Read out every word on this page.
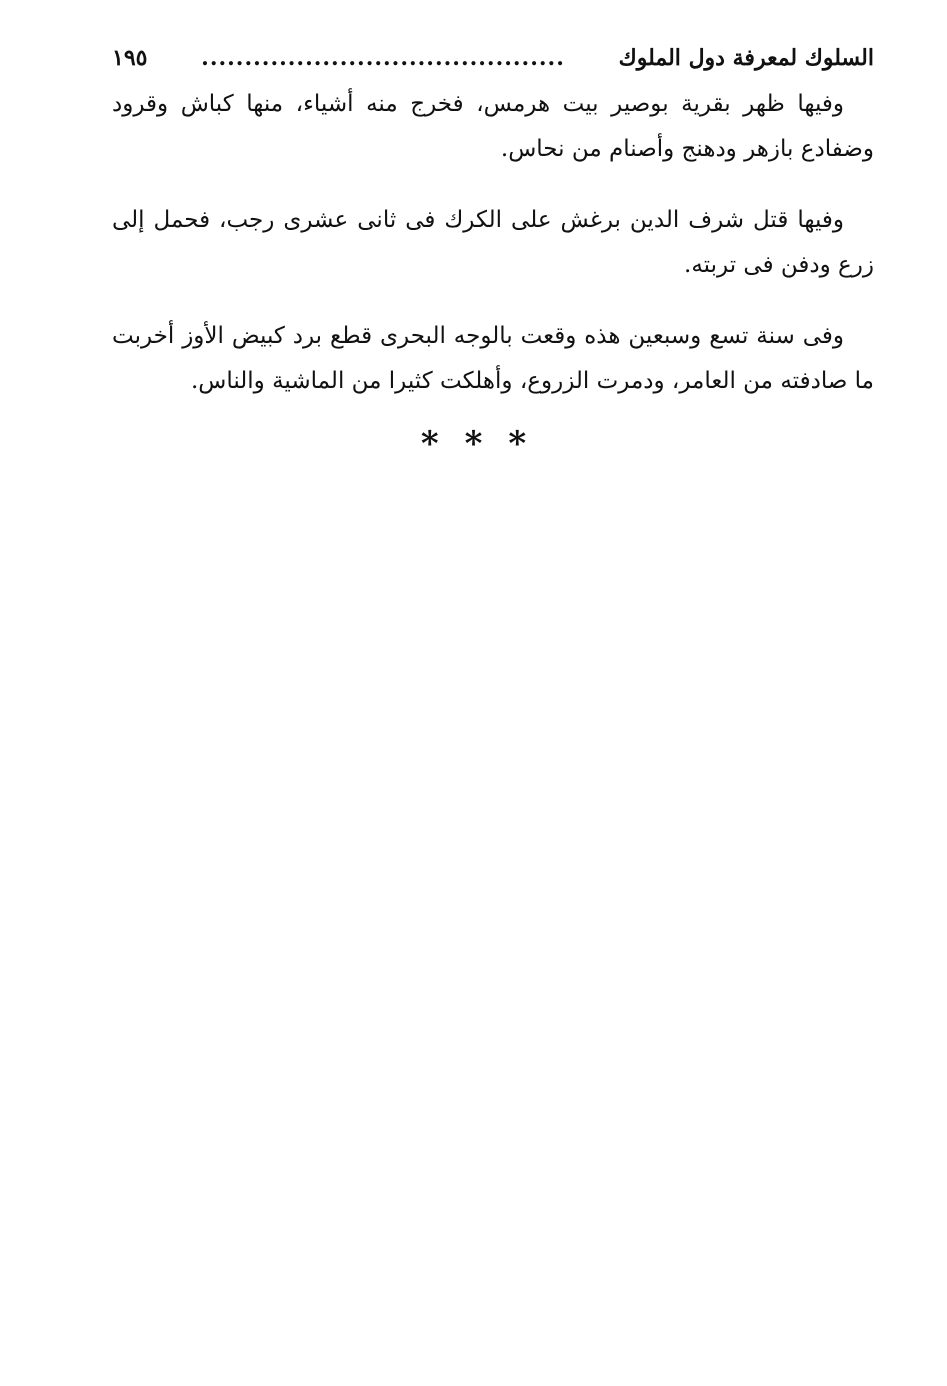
السلوك لمعرفة دول الملوك
..........................................
١٩٥

وفيها ظهر بقرية بوصير بيت هرمس، فخرج منه أشياء، منها كباش وقرود وضفادع بازهر ودهنج وأصنام من نحاس.

وفيها قتل شرف الدين برغش على الكرك فى ثانى عشرى رجب، فحمل إلى زرع ودفن فى تربته.

وفى سنة تسع وسبعين هذه وقعت بالوجه البحرى قطع برد كبيض الأوز أخربت ما صادفته من العامر، ودمرت الزروع، وأهلكت كثيرا من الماشية والناس.

***
